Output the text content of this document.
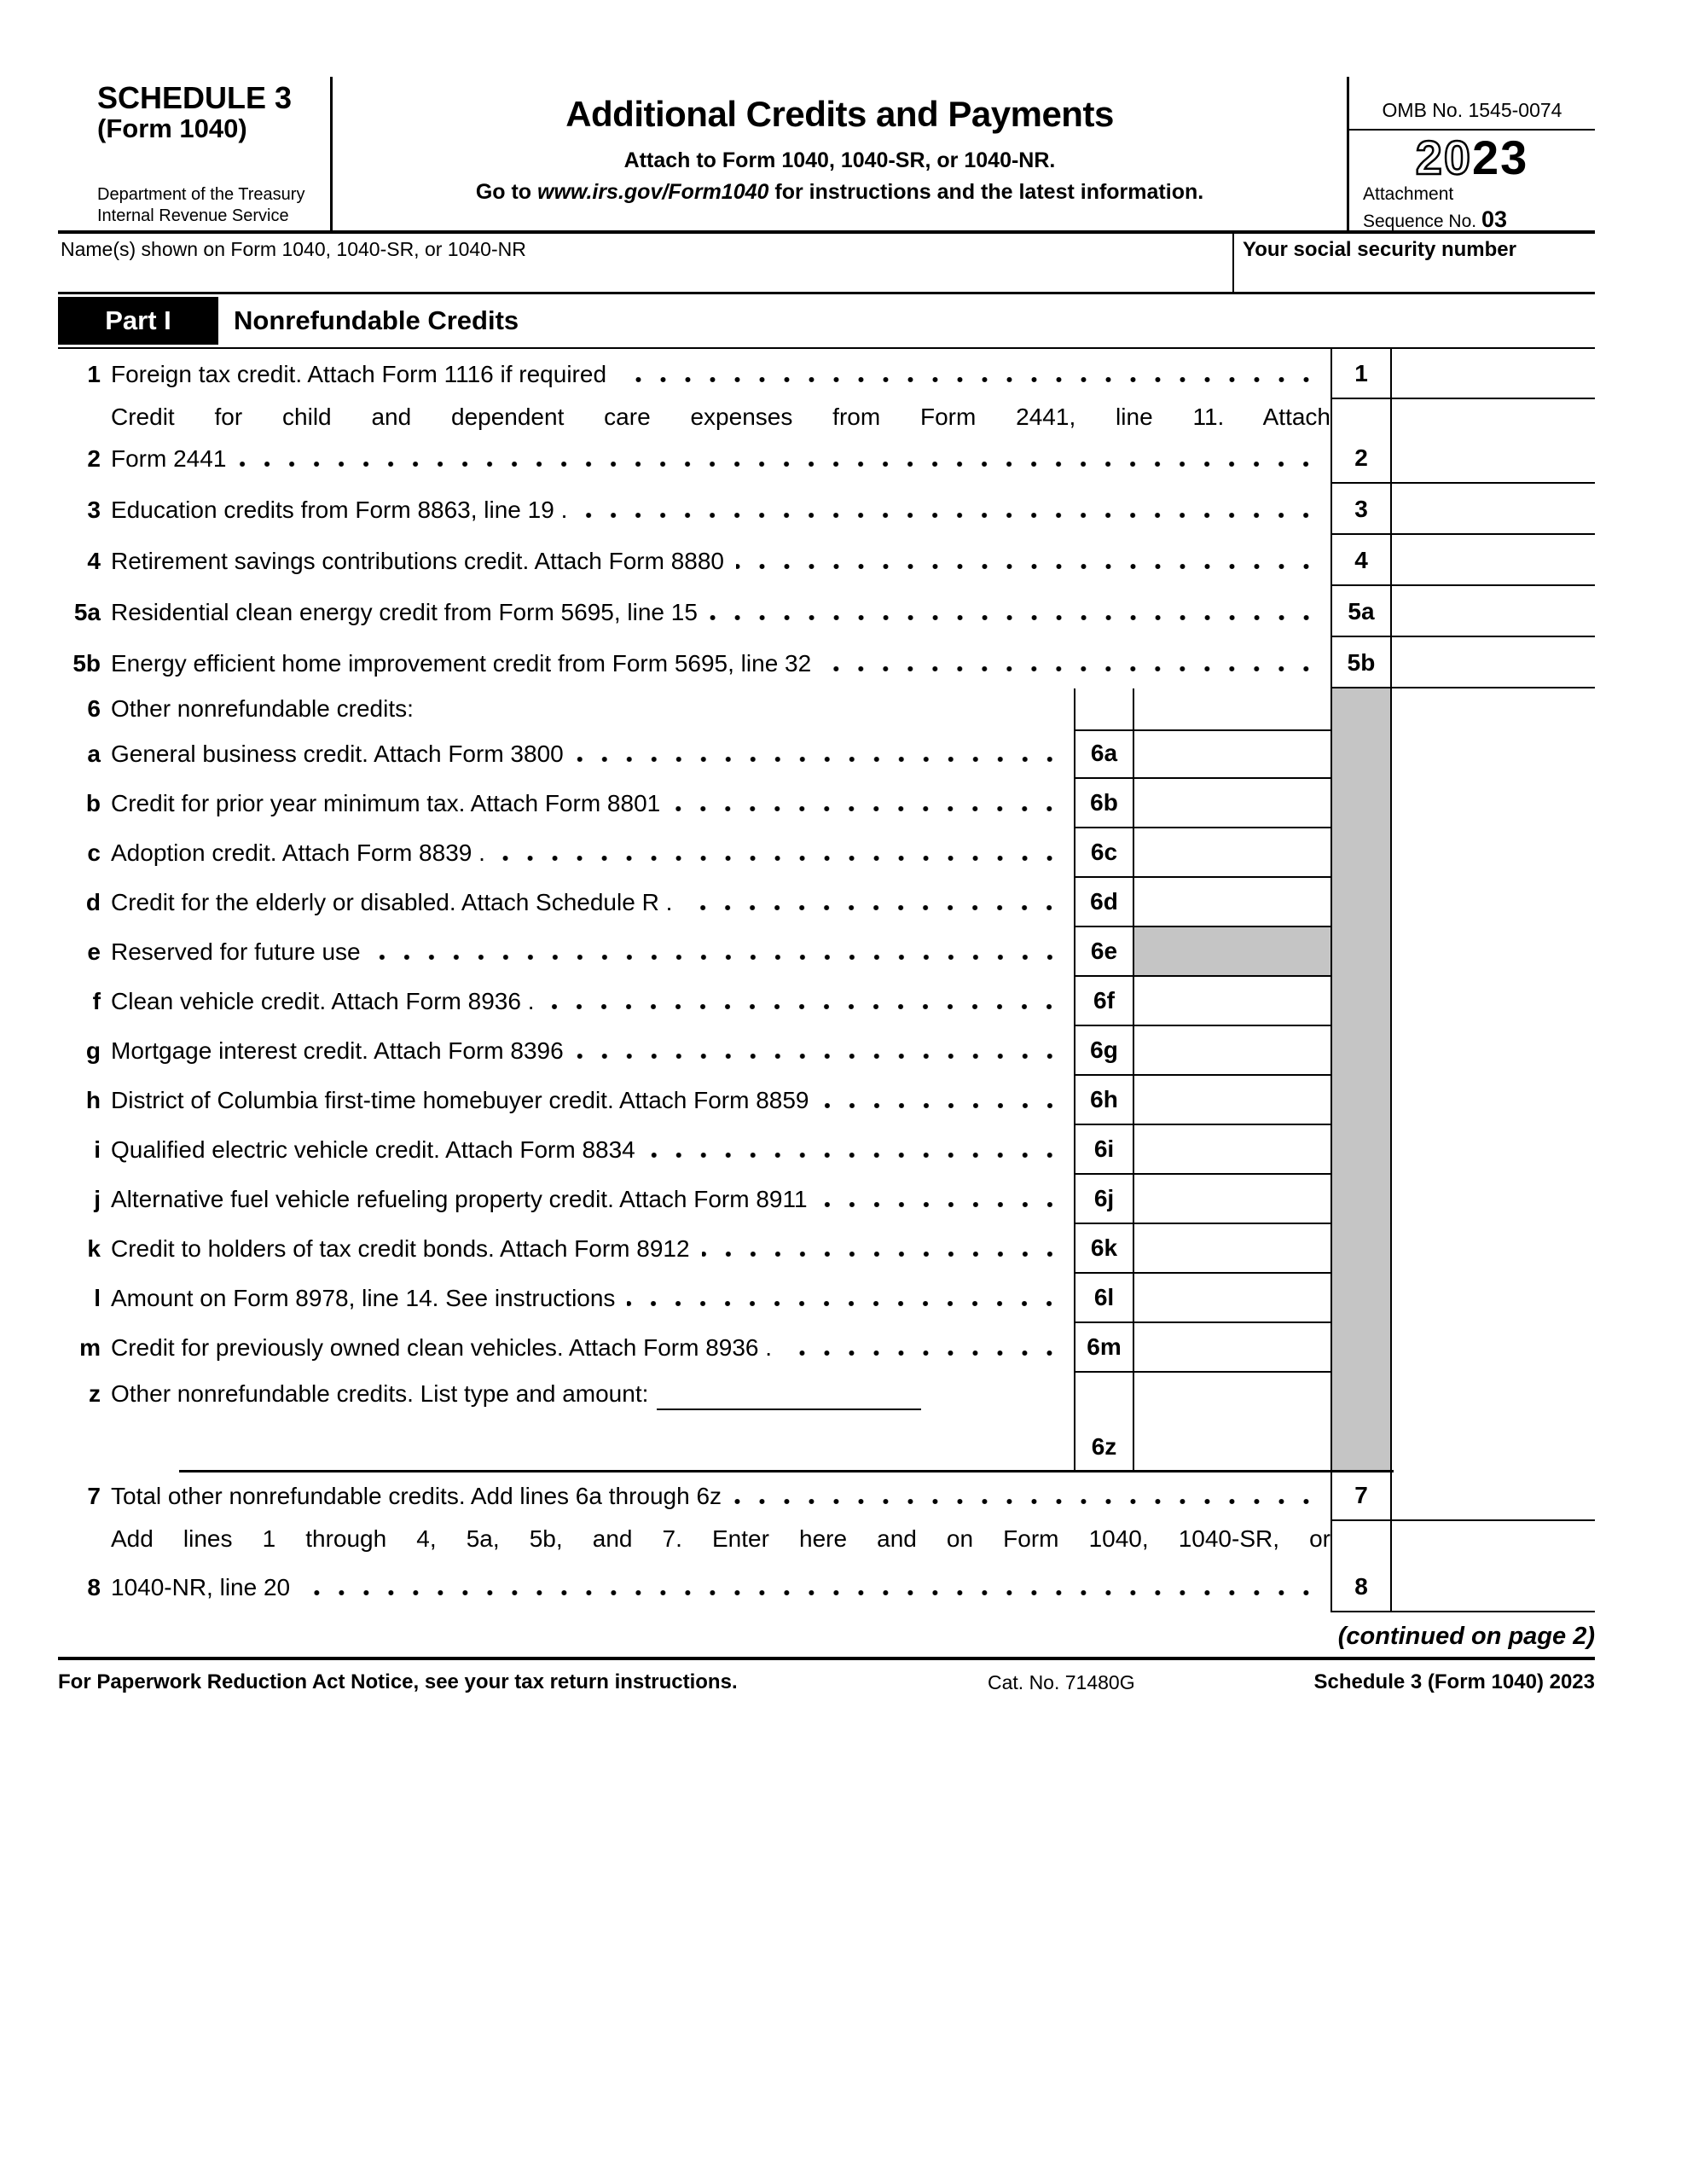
SCHEDULE 3
(Form 1040)
Department of the Treasury
Internal Revenue Service
Additional Credits and Payments
Attach to Form 1040, 1040-SR, or 1040-NR.
Go to www.irs.gov/Form1040 for instructions and the latest information.
OMB No. 1545-0074
2023
Attachment
Sequence No. 03
Name(s) shown on Form 1040, 1040-SR, or 1040-NR	Your social security number
Part I	Nonrefundable Credits
1 Foreign tax credit. Attach Form 1116 if required	1
Credit for child and dependent care expenses from Form 2441, line 11. Attach
2 Form 2441	2
3 Education credits from Form 8863, line 19 .	3
4 Retirement savings contributions credit. Attach Form 8880	4
5a Residential clean energy credit from Form 5695, line 15	5a
5b Energy efficient home improvement credit from Form 5695, line 32	5b
6 Other nonrefundable credits:
a General business credit. Attach Form 3800	6a
b Credit for prior year minimum tax. Attach Form 8801	6b
c Adoption credit. Attach Form 8839 .	6c
d Credit for the elderly or disabled. Attach Schedule R .	6d
e Reserved for future use	6e
f Clean vehicle credit. Attach Form 8936 .	6f
g Mortgage interest credit. Attach Form 8396	6g
h District of Columbia first-time homebuyer credit. Attach Form 8859	6h
i Qualified electric vehicle credit. Attach Form 8834	6i
j Alternative fuel vehicle refueling property credit. Attach Form 8911	6j
k Credit to holders of tax credit bonds. Attach Form 8912	6k
l Amount on Form 8978, line 14. See instructions	6l
m Credit for previously owned clean vehicles. Attach Form 8936 .	6m
z Other nonrefundable credits. List type and amount:
6z
7 Total other nonrefundable credits. Add lines 6a through 6z	7
Add lines 1 through 4, 5a, 5b, and 7. Enter here and on Form 1040, 1040-SR, or
8 1040-NR, line 20	8
(continued on page 2)
For Paperwork Reduction Act Notice, see your tax return instructions.	Cat. No. 71480G	Schedule 3 (Form 1040) 2023
